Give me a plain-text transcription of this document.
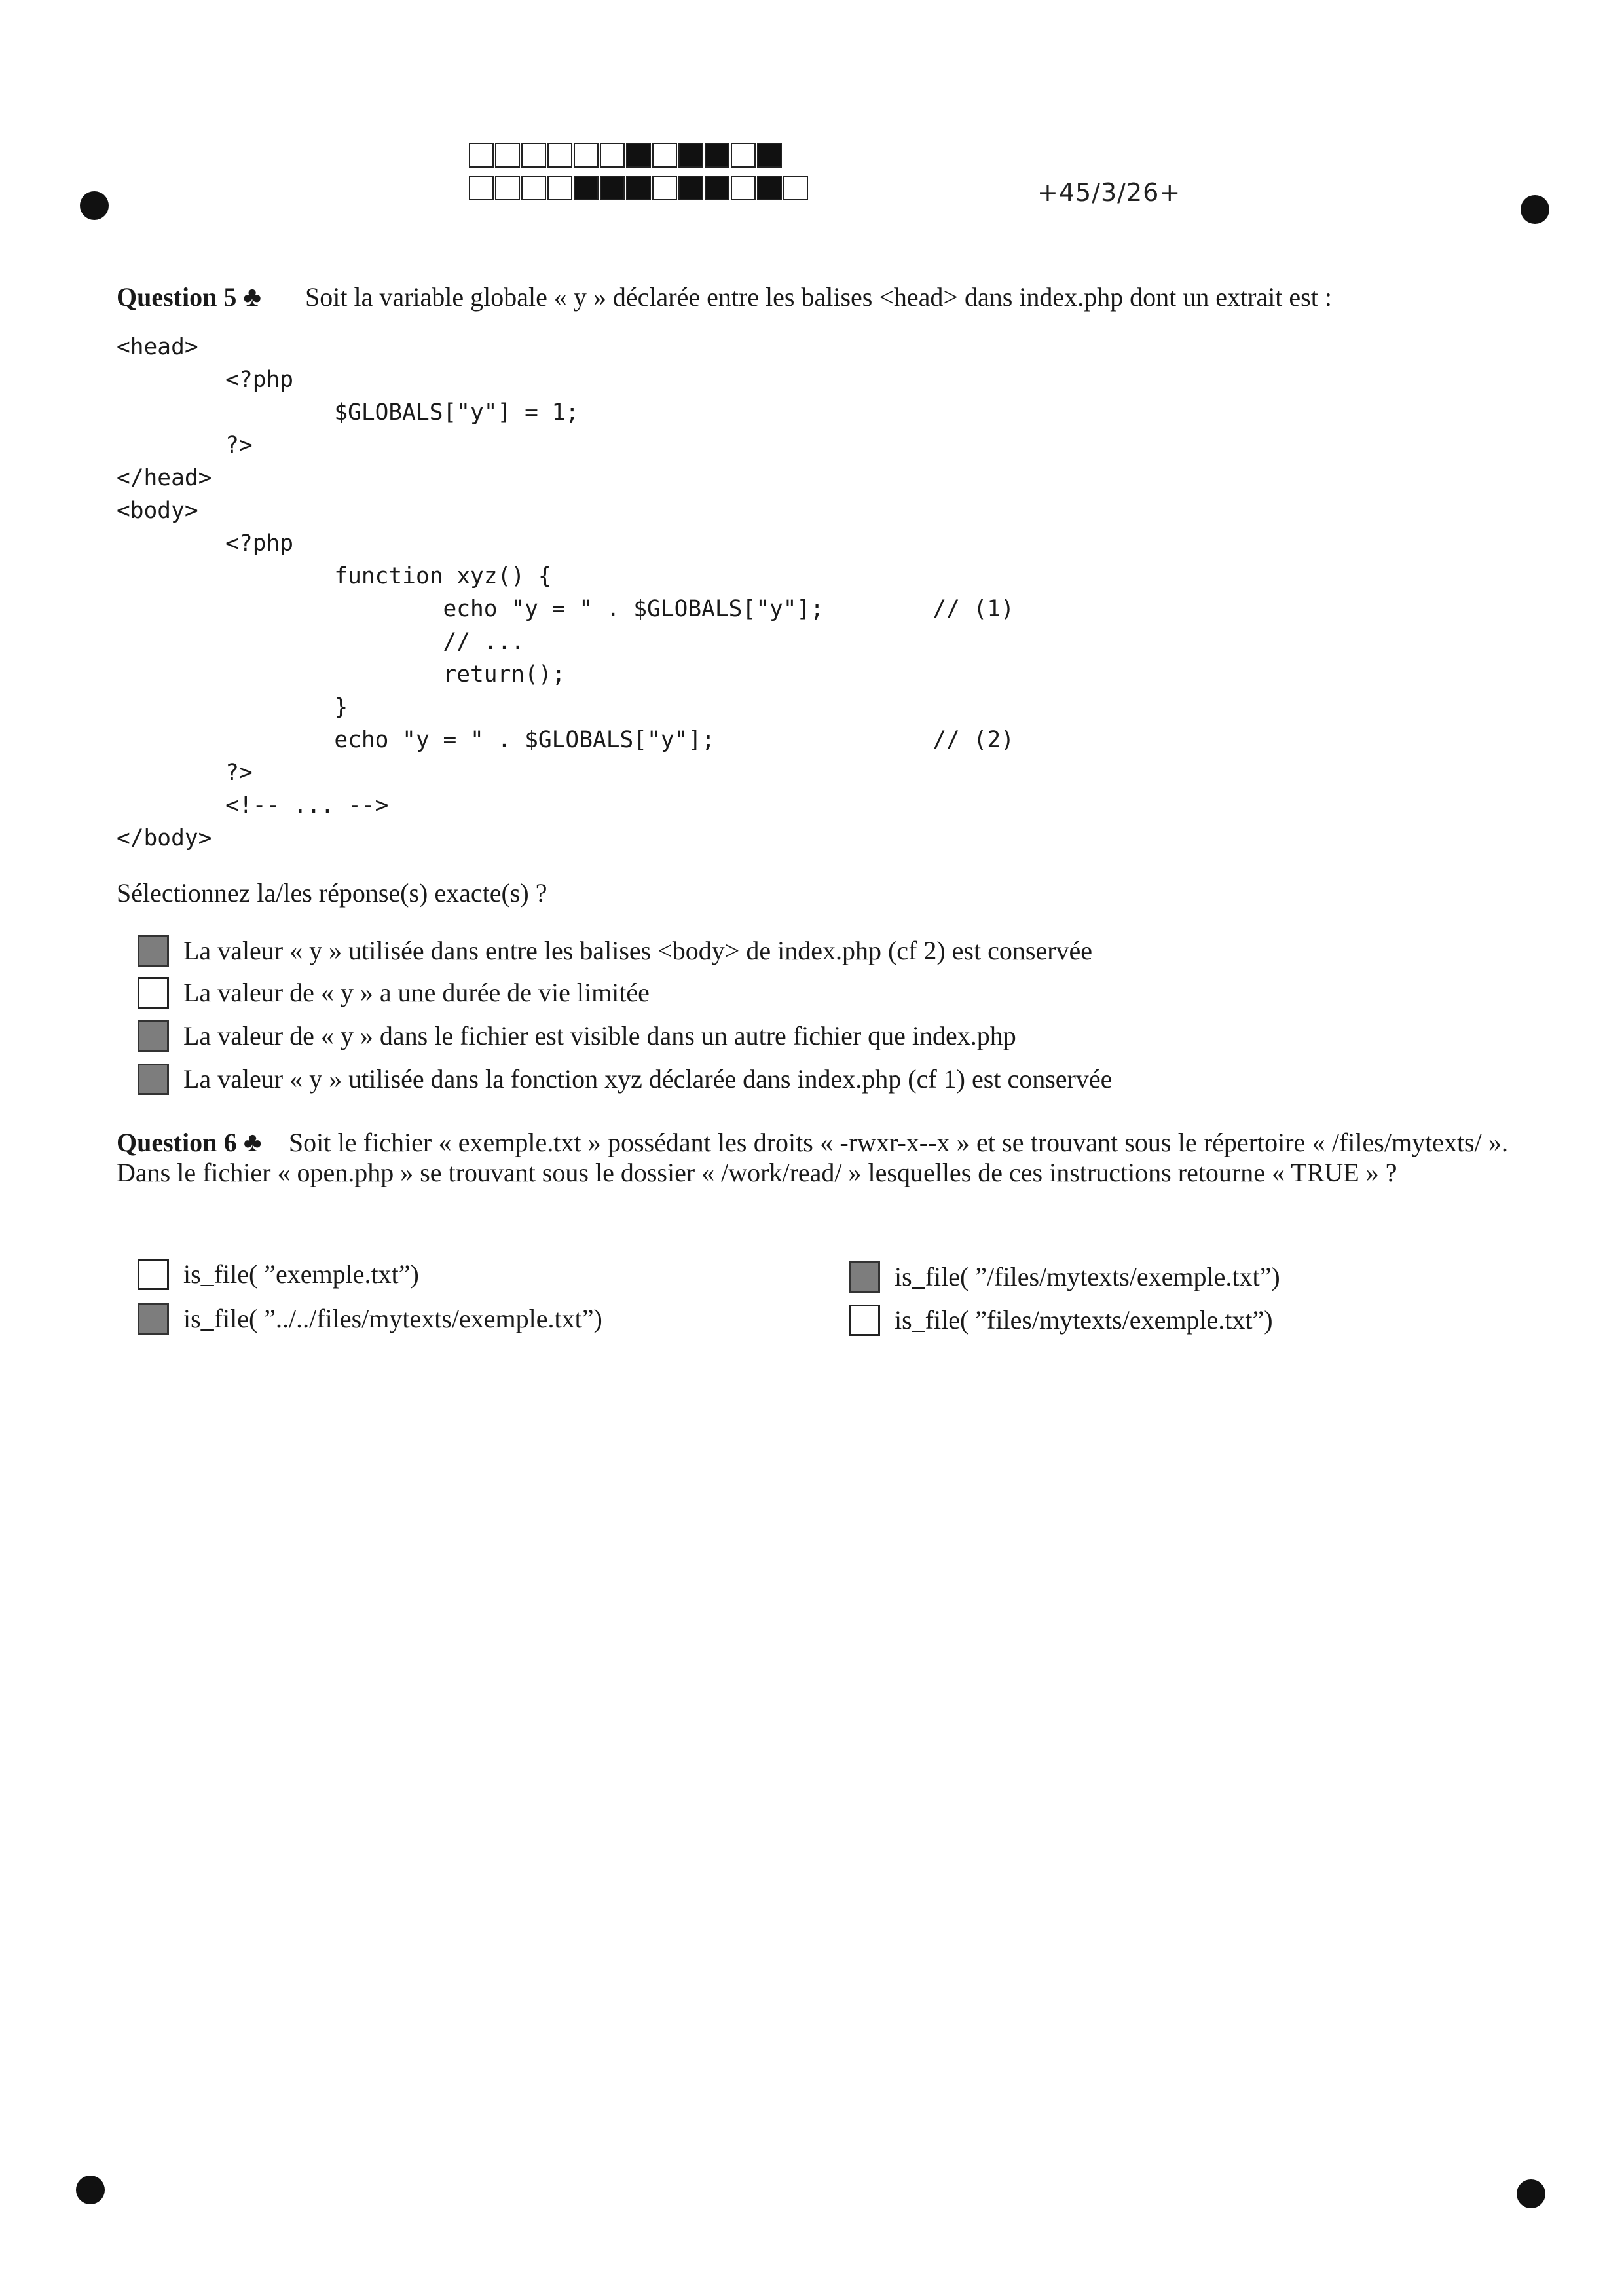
+45/3/26+
Question 5 ♣ Soit la variable globale « y » déclarée entre les balises <head> dans index.php dont un extrait est :
<head>
<?php
$GLOBALS["y"] = 1;
?>
</head>
<body>
<?php
function xyz() {
echo "y = " . $GLOBALS["y"];        // (1)
// ...
return();
}
echo "y = " . $GLOBALS["y"];                // (2)
?>
<!-- ... -->
</body>
Sélectionnez la/les réponse(s) exacte(s) ?
La valeur « y » utilisée dans entre les balises <body> de index.php (cf 2) est conservée
La valeur de « y » a une durée de vie limitée
La valeur de « y » dans le fichier est visible dans un autre fichier que index.php
La valeur « y » utilisée dans la fonction xyz déclarée dans index.php (cf 1) est conservée
Question 6 ♣ Soit le fichier « exemple.txt » possédant les droits « -rwxr-x--x » et se trouvant sous le répertoire « /files/mytexts/ ». Dans le fichier « open.php » se trouvant sous le dossier « /work/read/ » lesquelles de ces instructions retourne « TRUE » ?
is_file( ”exemple.txt”)	is_file( ”/files/mytexts/exemple.txt”)
is_file( ”../../files/mytexts/exemple.txt”)	is_file( ”files/mytexts/exemple.txt”)
